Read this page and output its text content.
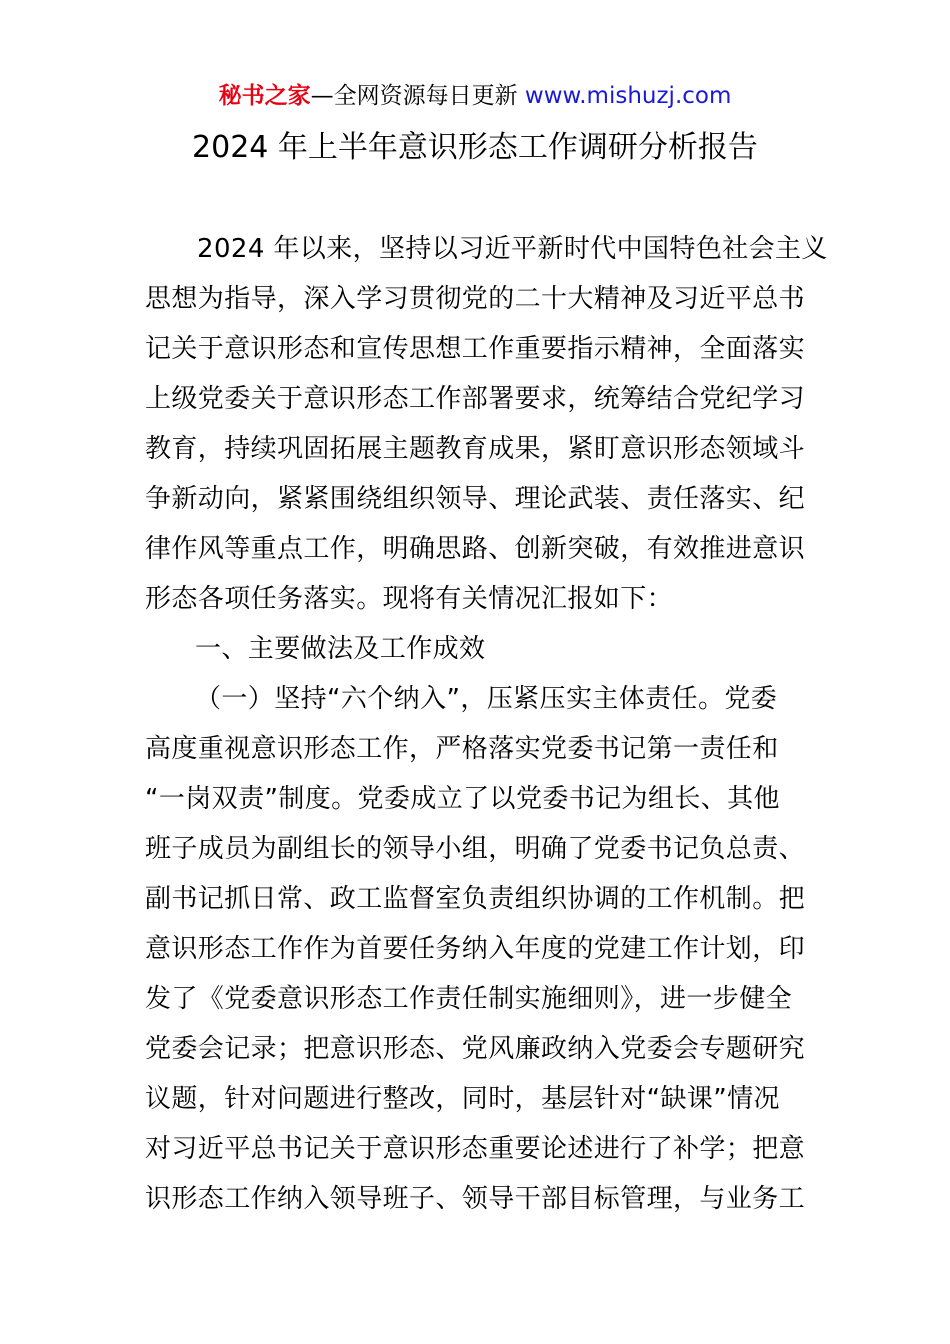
秘书之家—全网资源每日更新 www.mishuzj.com
2024 年上半年意识形态工作调研分析报告
2024 年以来，坚持以习近平新时代中国特色社会主义
思想为指导，深入学习贯彻党的二十大精神及习近平总书
记关于意识形态和宣传思想工作重要指示精神，全面落实
上级党委关于意识形态工作部署要求，统筹结合党纪学习
教育，持续巩固拓展主题教育成果，紧盯意识形态领域斗
争新动向，紧紧围绕组织领导、理论武装、责任落实、纪
律作风等重点工作，明确思路、创新突破，有效推进意识
形态各项任务落实。现将有关情况汇报如下：
一、主要做法及工作成效
（一）坚持“六个纳入”，压紧压实主体责任。党委
高度重视意识形态工作，严格落实党委书记第一责任和
“一岗双责”制度。党委成立了以党委书记为组长、其他
班子成员为副组长的领导小组，明确了党委书记负总责、
副书记抓日常、政工监督室负责组织协调的工作机制。把
意识形态工作作为首要任务纳入年度的党建工作计划，印
发了《党委意识形态工作责任制实施细则》，进一步健全
党委会记录；把意识形态、党风廉政纳入党委会专题研究
议题，针对问题进行整改，同时，基层针对“缺课”情况
对习近平总书记关于意识形态重要论述进行了补学；把意
识形态工作纳入领导班子、领导干部目标管理，与业务工
